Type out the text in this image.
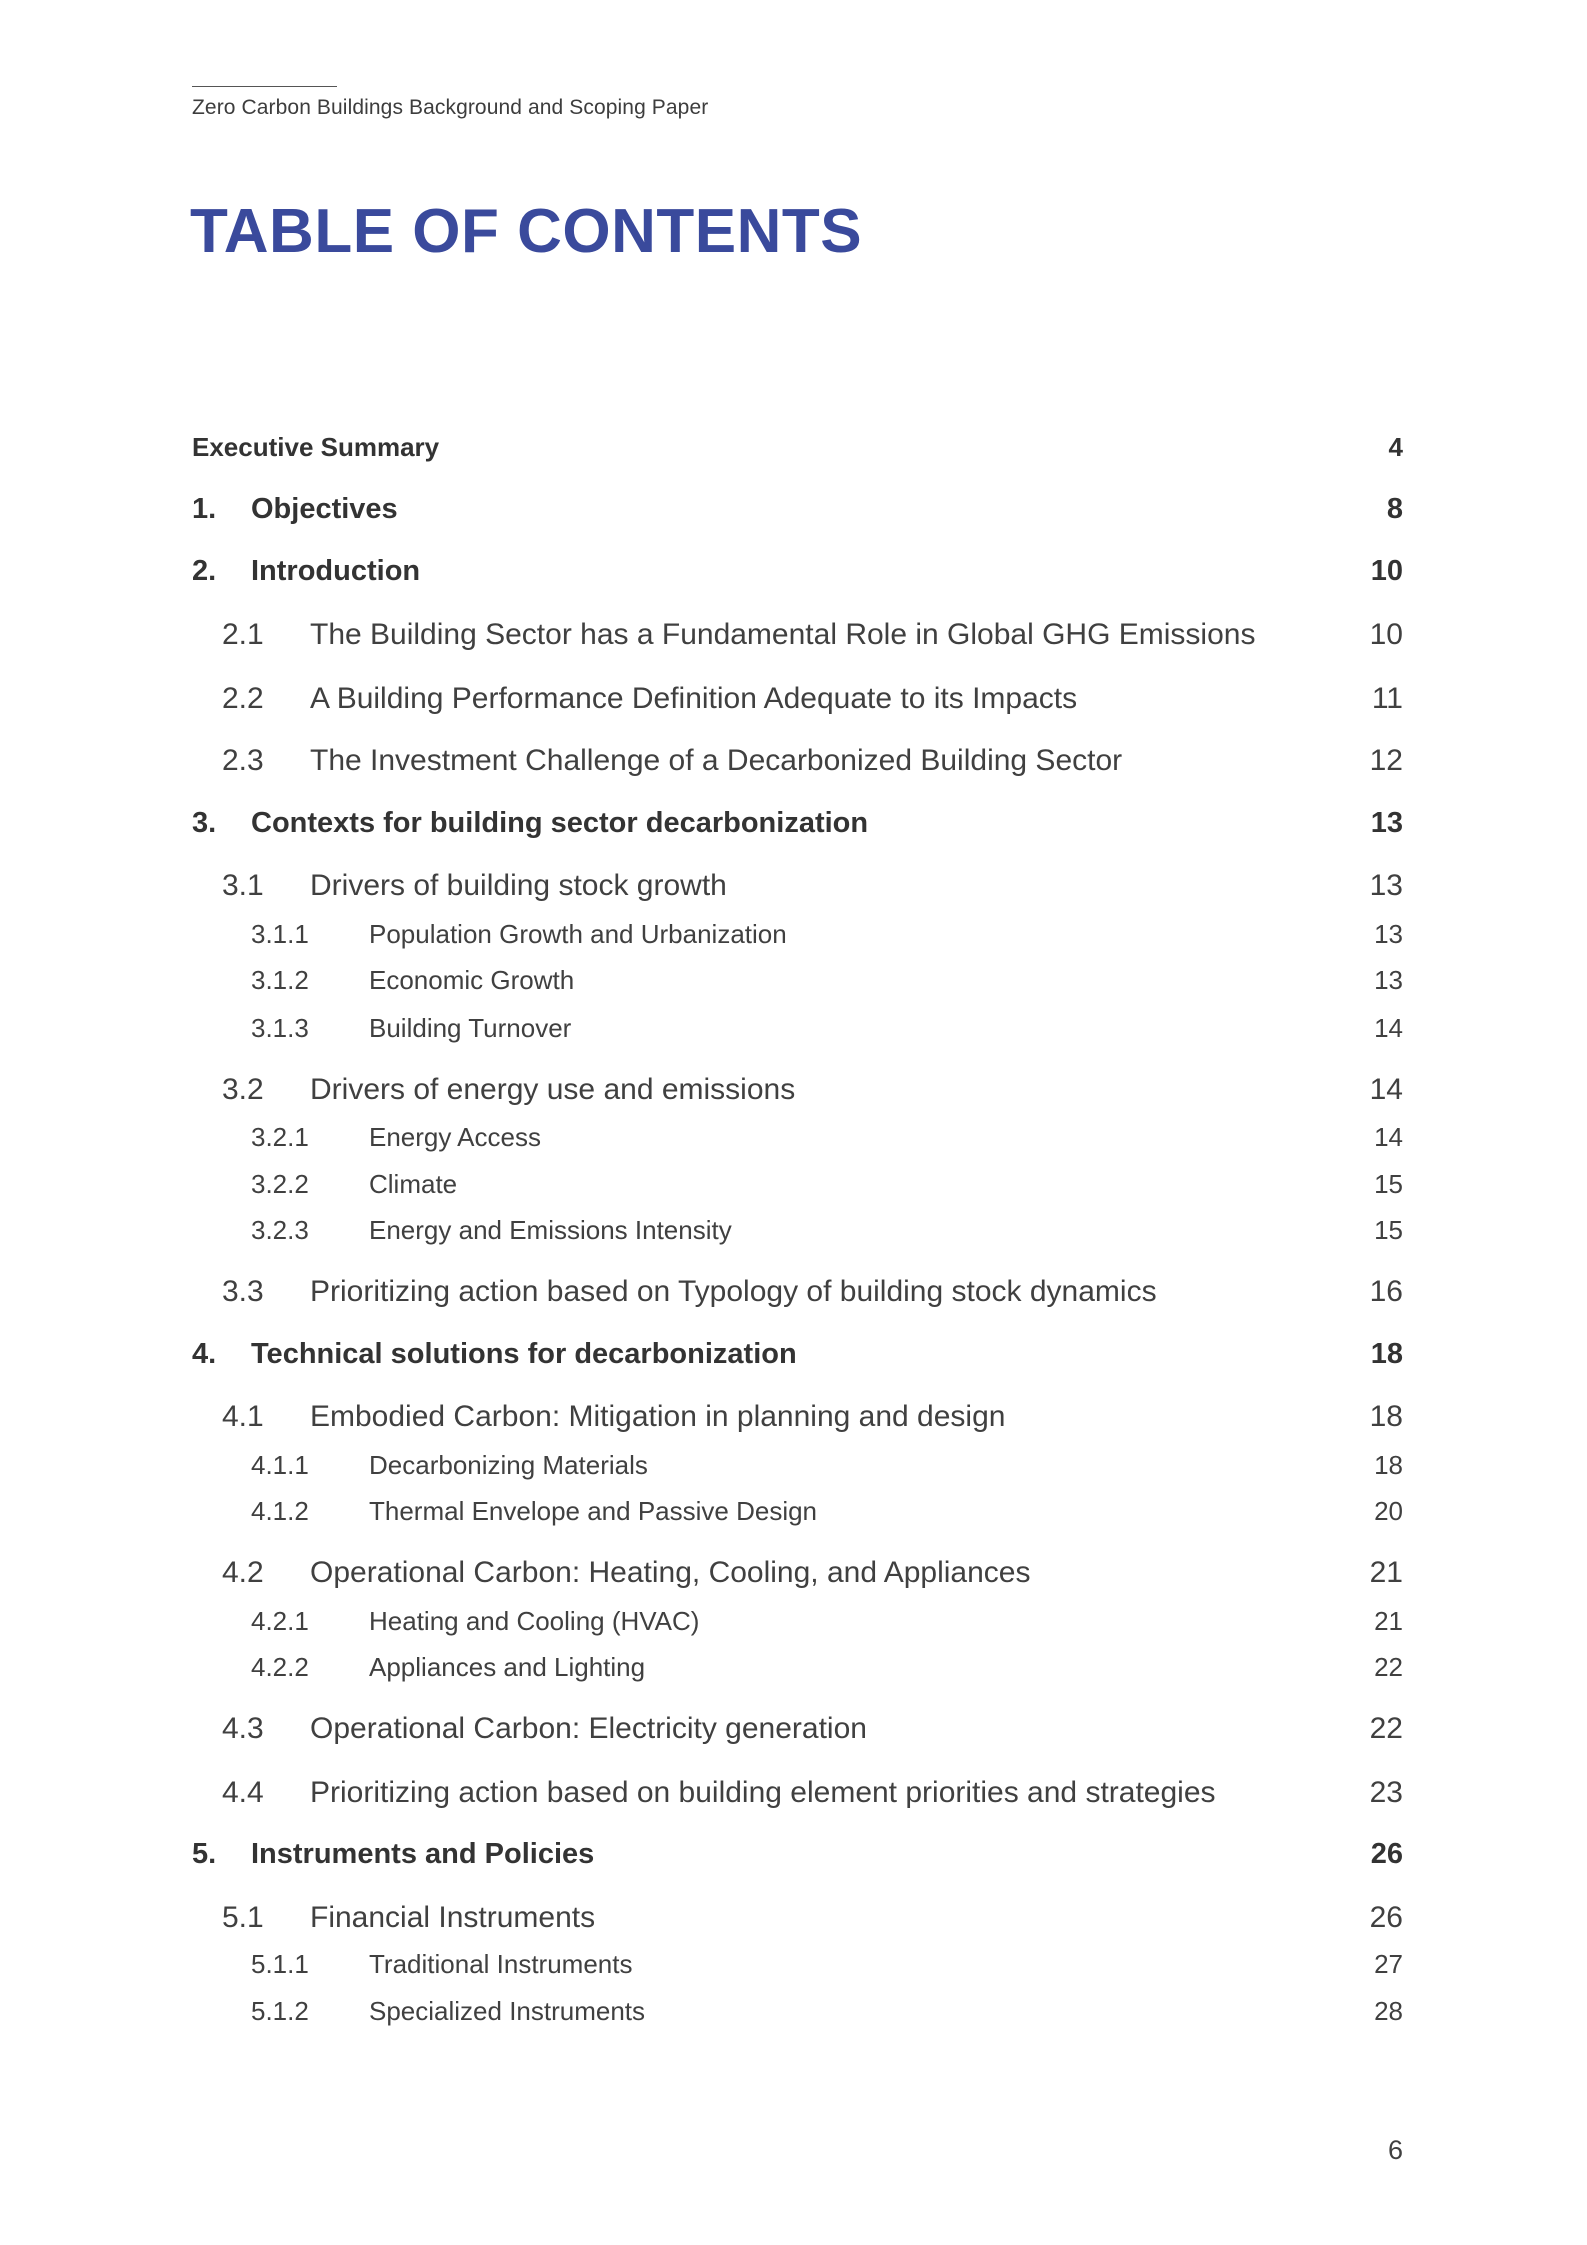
Zero Carbon Buildings Background and Scoping Paper
TABLE OF CONTENTS
Executive Summary	4
1. Objectives	8
2. Introduction	10
2.1 The Building Sector has a Fundamental Role in Global GHG Emissions	10
2.2 A Building Performance Definition Adequate to its Impacts	11
2.3 The Investment Challenge of a Decarbonized Building Sector	12
3. Contexts for building sector decarbonization	13
3.1 Drivers of building stock growth	13
3.1.1 Population Growth and Urbanization	13
3.1.2 Economic Growth	13
3.1.3 Building Turnover	14
3.2 Drivers of energy use and emissions	14
3.2.1 Energy Access	14
3.2.2 Climate	15
3.2.3 Energy and Emissions Intensity	15
3.3 Prioritizing action based on Typology of building stock dynamics	16
4. Technical solutions for decarbonization	18
4.1 Embodied Carbon: Mitigation in planning and design	18
4.1.1 Decarbonizing Materials	18
4.1.2 Thermal Envelope and Passive Design	20
4.2 Operational Carbon: Heating, Cooling, and Appliances	21
4.2.1 Heating and Cooling (HVAC)	21
4.2.2 Appliances and Lighting	22
4.3 Operational Carbon: Electricity generation	22
4.4 Prioritizing action based on building element priorities and strategies	23
5. Instruments and Policies	26
5.1 Financial Instruments	26
5.1.1 Traditional Instruments	27
5.1.2 Specialized Instruments	28
6
